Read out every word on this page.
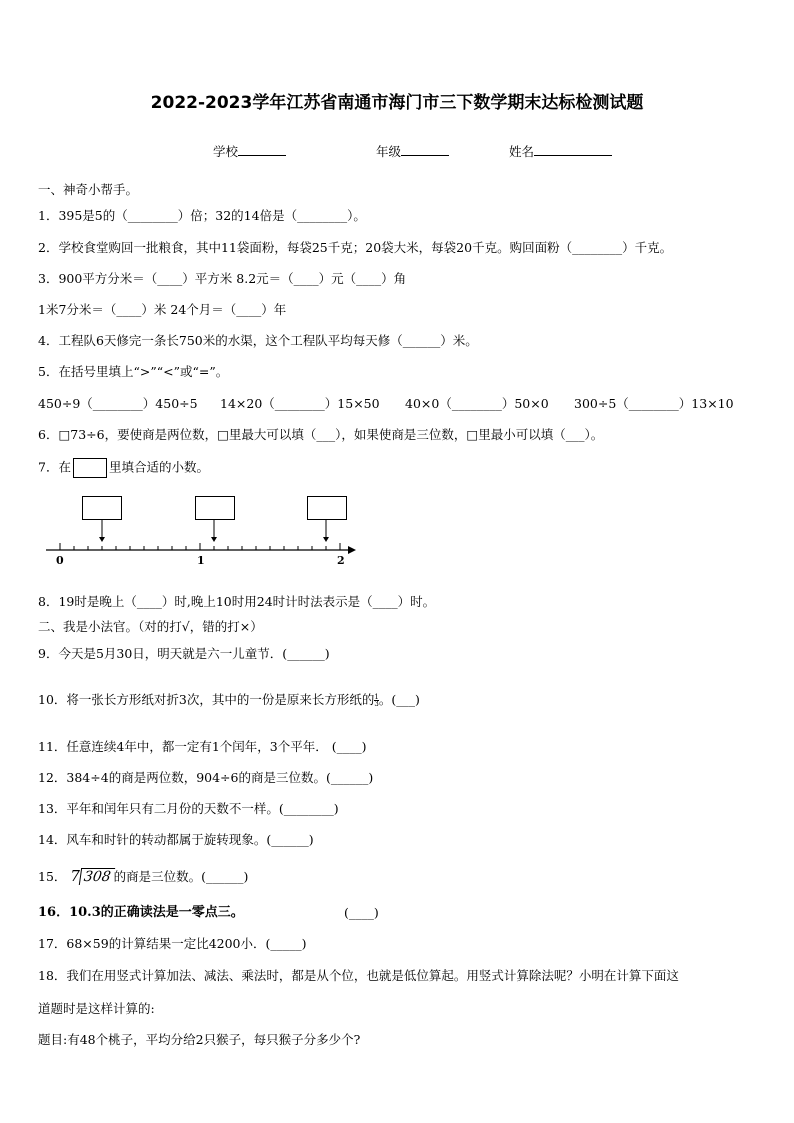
2022-2023学年江苏省南通市海门市三下数学期末达标检测试题
学校	年级	姓名
一、神奇小帮手。
1．395是5的（________）倍；32的14倍是（________）。
2．学校食堂购回一批粮食，其中11袋面粉，每袋25千克；20袋大米，每袋20千克。购回面粉（________）千克。
3．900平方分米＝（____）平方米 8.2元＝（____）元（____）角
1米7分米＝（____）米 24个月＝（____）年
4．工程队6天修完一条长750米的水渠，这个工程队平均每天修（______）米。
5．在括号里填上“>”“<”或“=”。
450÷9（________）450÷5 14×20（________）15×50 40×0（________）50×0 300÷5（________）13×10
6．□73÷6，要使商是两位数，□里最大可以填（___），如果使商是三位数，□里最小可以填（___）。
7．在	里填合适的小数。
0	1	2
8．19时是晚上（____）时,晚上10时用24时计时法表示是（____）时。
二、我是小法官。（对的打√，错的打×）
9．今天是5月30日，明天就是六一儿童节．(______)
10．将一张长方形纸对折3次，其中的一份是原来长方形纸的 $\frac{1}{3}$ 。(___)
11．任意连续4年中，都一定有1个闰年，3个平年． (____)
12．384÷4的商是两位数，904÷6的商是三位数。(______)
13．平年和闰年只有二月份的天数不一样。(________)
14．风车和时针的转动都属于旋转现象。(______)
15． 7 308 的商是三位数。(______)
16．10.3的正确读法是一零点三。	(____)
17．68×59的计算结果一定比4200小．(_____)
18．我们在用竖式计算加法、减法、乘法时，都是从个位，也就是低位算起。用竖式计算除法呢？小明在计算下面这
道题时是这样计算的:
题目:有48个桃子，平均分给2只猴子，每只猴子分多少个?
